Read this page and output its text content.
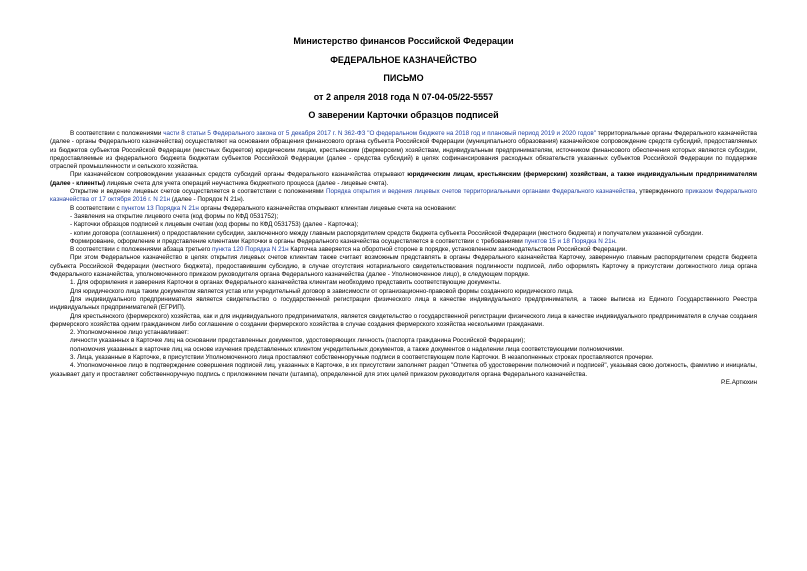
Министерство финансов Российской Федерации
ФЕДЕРАЛЬНОЕ КАЗНАЧЕЙСТВО
ПИСЬМО
от 2 апреля 2018 года N 07-04-05/22-5557
О заверении Карточки образцов подписей

В соответствии с положениями части 8 статьи 5 Федерального закона от 5 декабря 2017 г. N 362-ФЗ "О федеральном бюджете на 2018 год и плановый период 2019 и 2020 годов" территориальные органы Федерального казначейства (далее - органы Федерального казначейства) осуществляют на основании обращения финансового органа субъекта Российской Федерации (муниципального образования) казначейское сопровождение средств субсидий, предоставляемых из бюджетов субъектов Российской Федерации (местных бюджетов) юридическим лицам, крестьянским (фермерским) хозяйствам, индивидуальным предпринимателям, источником финансового обеспечения которых являются субсидии, предоставляемые из федерального бюджета бюджетам субъектов Российской Федерации (далее - средства субсидий) в целях софинансирования расходных обязательств указанных субъектов Российской Федерации по поддержке отраслей промышленности и сельского хозяйства.

При казначейском сопровождении указанных средств субсидий органы Федерального казначейства открывают юридическим лицам, крестьянским (фермерским) хозяйствам, а также индивидуальным предпринимателям (далее - клиенты) лицевые счета для учета операций неучастника бюджетного процесса (далее - лицевые счета).

Открытие и ведение лицевых счетов осуществляется в соответствии с положениями Порядка открытия и ведения лицевых счетов территориальными органами Федерального казначейства, утвержденного приказом Федерального казначейства от 17 октября 2016 г. N 21н (далее - Порядок N 21н).

В соответствии с пунктом 13 Порядка N 21н органы Федерального казначейства открывают клиентам лицевые счета на основании:

- Заявления на открытие лицевого счета (код формы по КФД 0531752);

- Карточки образцов подписей к лицевым счетам (код формы по КФД 0531753) (далее - Карточка);

- копии договора (соглашения) о предоставлении субсидии, заключенного между главным распорядителем средств бюджета субъекта Российской Федерации (местного бюджета) и получателем указанной субсидии.

Формирование, оформление и представление клиентами Карточки в органы Федерального казначейства осуществляется в соответствии с требованиями пунктов 15 и 18 Порядка N 21н.

В соответствии с положениями абзаца третьего пункта 120 Порядка N 21н Карточка заверяется на оборотной стороне в порядке, установленном законодательством Российской Федерации.

При этом Федеральное казначейство в целях открытия лицевых счетов клиентам также считает возможным представлять в органы Федерального казначейства Карточку, заверенную главным распорядителем средств бюджета субъекта Российской Федерации (местного бюджета), предоставившим субсидию, в случае отсутствия нотариального свидетельствования подлинности подписей, либо оформлять Карточку в присутствии должностного лица органа Федерального казначейства, уполномоченного приказом руководителя органа Федерального казначейства (далее - Уполномоченное лицо), в следующем порядке.

1. Для оформления и заверения Карточки в органах Федерального казначейства клиентам необходимо представить соответствующие документы.

Для юридического лица таким документом является устав или учредительный договор в зависимости от организационно-правовой формы созданного юридического лица.

Для индивидуального предпринимателя является свидетельство о государственной регистрации физического лица в качестве индивидуального предпринимателя, а также выписка из Единого Государственного Реестра индивидуальных предпринимателей (ЕГРИП).

Для крестьянского (фермерского) хозяйства, как и для индивидуального предпринимателя, является свидетельство о государственной регистрации физического лица в качестве индивидуального предпринимателя в случае создания фермерского хозяйства одним гражданином либо соглашение о создании фермерского хозяйства в случае создания фермерского хозяйства несколькими гражданами.

2. Уполномоченное лицо устанавливает:

личности указанных в Карточке лиц на основании представленных документов, удостоверяющих личность (паспорта гражданина Российской Федерации);

полномочия указанных в карточке лиц на основе изучения представленных клиентом учредительных документов, а также документов о наделении лица соответствующими полномочиями.

3. Лица, указанные в Карточке, в присутствии Уполномоченного лица проставляют собственноручные подписи в соответствующем поле Карточки. В незаполненных строках проставляются прочерки.

4. Уполномоченное лицо в подтверждение совершения подписей лиц, указанных в Карточке, в их присутствии заполняет раздел "Отметка об удостоверении полномочий и подписей", указывая свою должность, фамилию и инициалы, указывает дату и проставляет собственноручную подпись с приложением печати (штампа), определенной для этих целей приказом руководителя органа Федерального казначейства.

Р.Е.Артюхин
